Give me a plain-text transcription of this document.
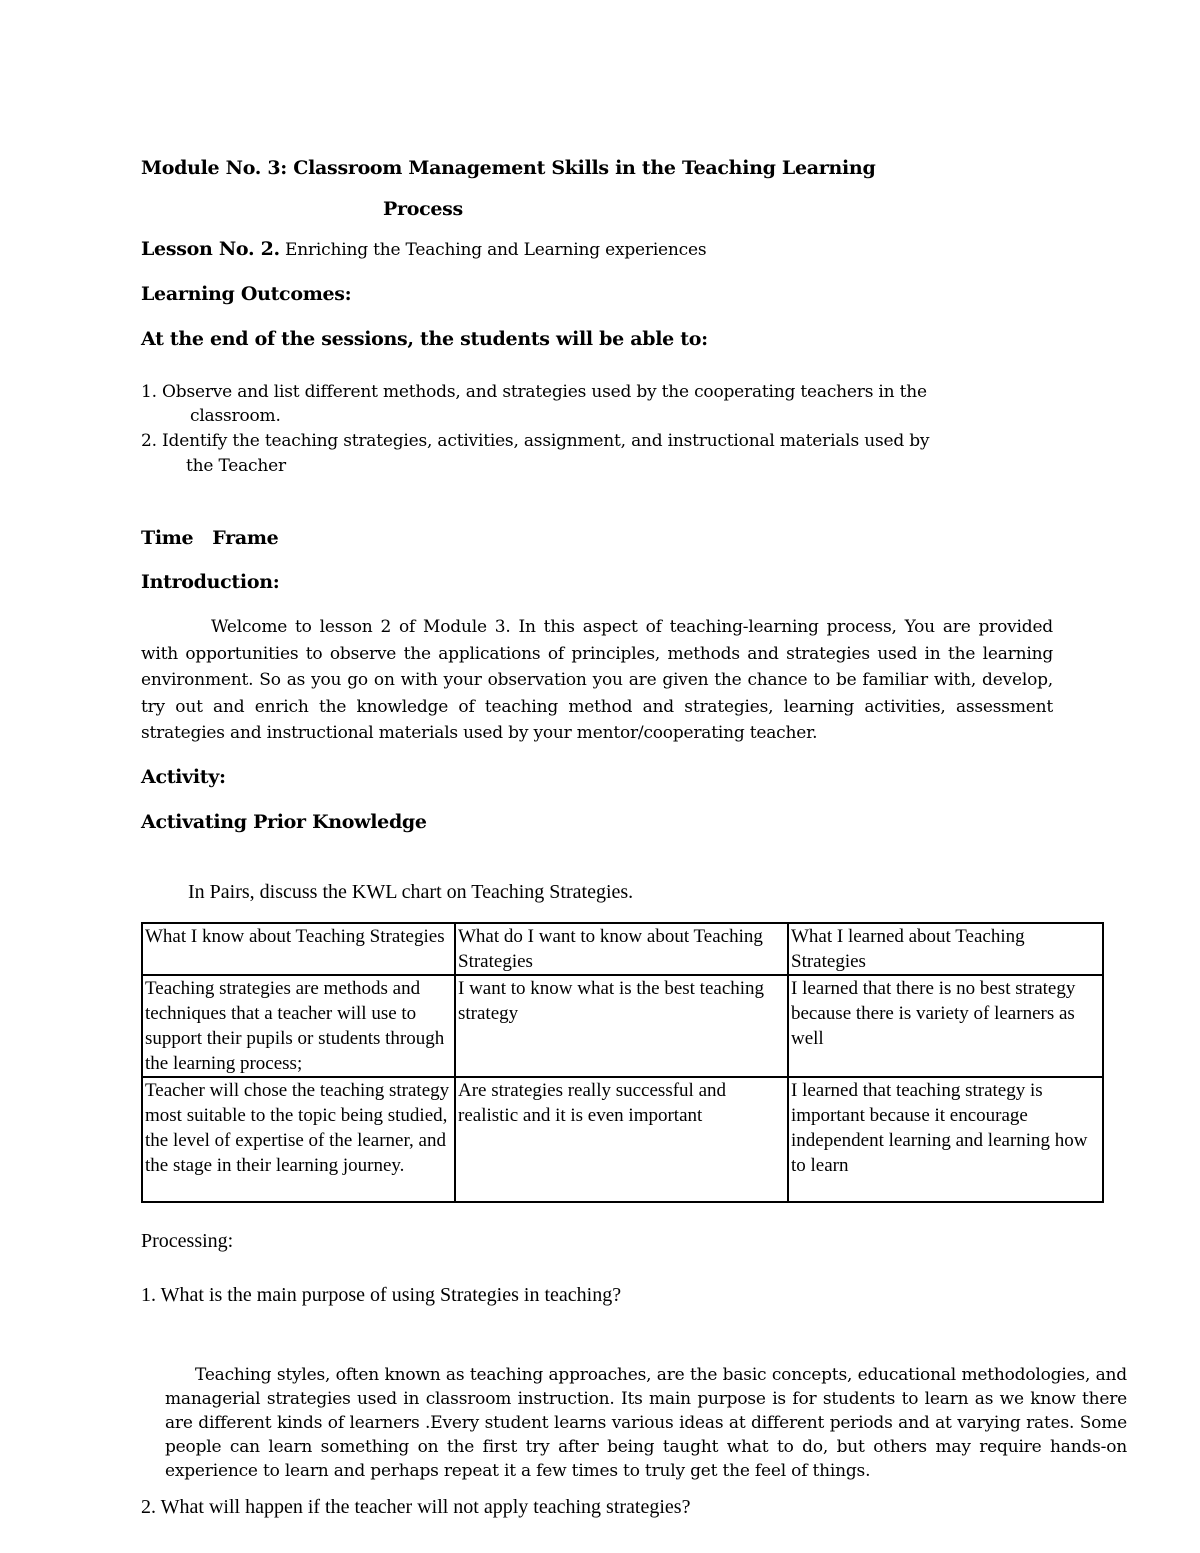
Module No. 3: Classroom Management Skills in the Teaching Learning
Process
Lesson No. 2. Enriching the Teaching and Learning experiences
Learning Outcomes:
At the end of the sessions, the students will be able to:
1. Observe and list different methods, and strategies used by the cooperating teachers in the
classroom.
2. Identify the teaching strategies, activities, assignment, and instructional materials used by
the Teacher
Time   Frame
Introduction:
Welcome to lesson 2 of Module 3. In this aspect of teaching-learning process, You are provided with opportunities to observe the applications of principles, methods and strategies used in the learning environment. So as you go on with your observation you are given the chance to be familiar with, develop, try out and enrich the knowledge of teaching method and strategies, learning activities, assessment strategies and instructional materials used by your mentor/cooperating teacher.
Activity:
Activating Prior Knowledge
In Pairs, discuss the KWL chart on Teaching Strategies.
What I know about Teaching Strategies	What do I want to know about Teaching Strategies	What I learned about Teaching Strategies
Teaching strategies are methods and techniques that a teacher will use to support their pupils or students through the learning process;	I want to know what is the best teaching strategy	I learned that there is no best strategy because there is variety of learners as well
Teacher will chose the teaching strategy most suitable to the topic being studied, the level of expertise of the learner, and the stage in their learning journey.	Are strategies really successful and realistic and it is even important	I learned that teaching strategy is important because it encourage independent learning and learning how to learn
Processing:
1. What is the main purpose of using Strategies in teaching?
Teaching styles, often known as teaching approaches, are the basic concepts, educational methodologies, and managerial strategies used in classroom instruction. Its main purpose is for students to learn as we know there are different kinds of learners .Every student learns various ideas at different periods and at varying rates. Some people can learn something on the first try after being taught what to do, but others may require hands-on experience to learn and perhaps repeat it a few times to truly get the feel of things.
2. What will happen if the teacher will not apply teaching strategies?
